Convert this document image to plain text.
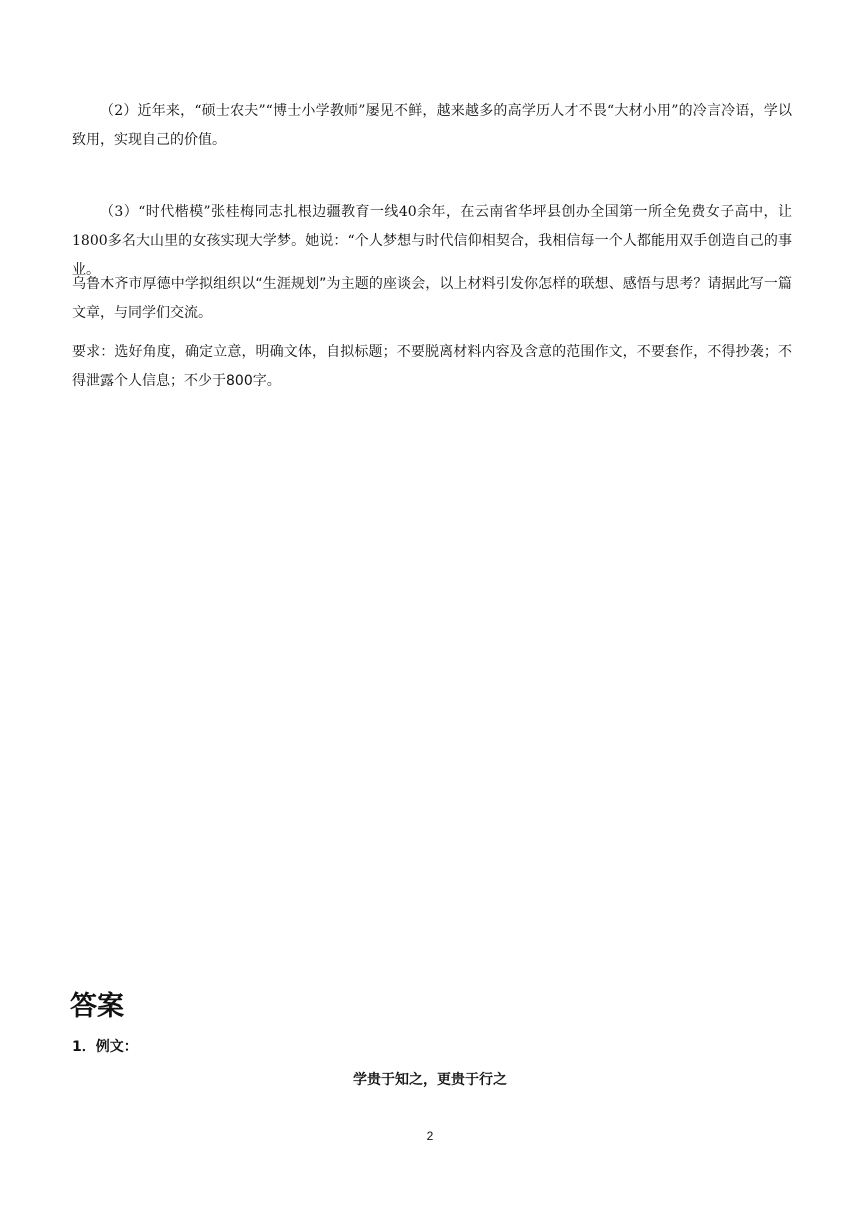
（2）近年来，“硕士农夫”“博士小学教师”屡见不鲜，越来越多的高学历人才不畏“大材小用”的冷言冷语，学以致用，实现自己的价值。

（3）“时代楷模”张桂梅同志扎根边疆教育一线40余年，在云南省华坪县创办全国第一所全免费女子高中，让1800多名大山里的女孩实现大学梦。她说：“个人梦想与时代信仰相契合，我相信每一个人都能用双手创造自己的事业。

乌鲁木齐市厚德中学拟组织以“生涯规划”为主题的座谈会，以上材料引发你怎样的联想、感悟与思考？请据此写一篇文章，与同学们交流。

要求：选好角度，确定立意，明确文体，自拟标题；不要脱离材料内容及含意的范围作文，不要套作，不得抄袭；不得泄露个人信息；不少于800字。

答案
1．例文：
学贵于知之，更贵于行之
2
